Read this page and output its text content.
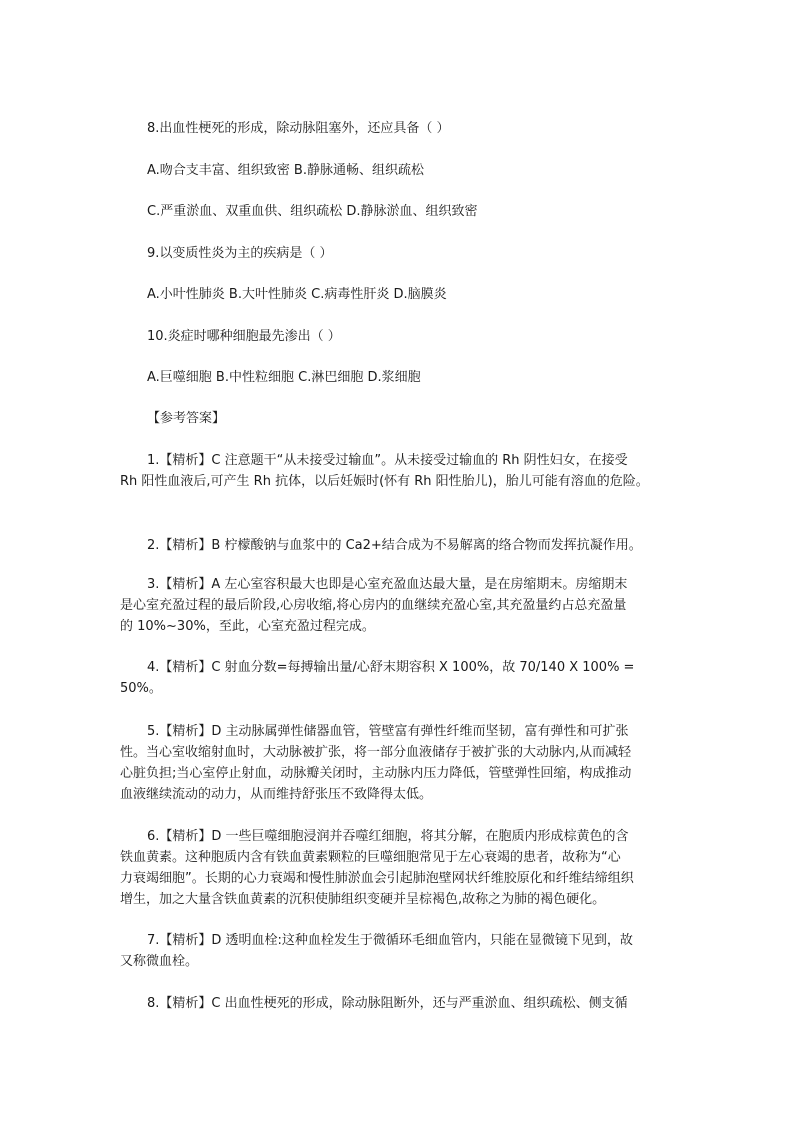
8.出血性梗死的形成，除动脉阻塞外，还应具备（ ）
A.吻合支丰富、组织致密 B.静脉通畅、组织疏松
C.严重淤血、双重血供、组织疏松 D.静脉淤血、组织致密
9.以变质性炎为主的疾病是（ ）
A.小叶性肺炎 B.大叶性肺炎 C.病毒性肝炎 D.脑膜炎
10.炎症时哪种细胞最先渗出（ ）
A.巨噬细胞 B.中性粒细胞 C.淋巴细胞 D.浆细胞
【参考答案】
1.【精析】C 注意题干“从未接受过输血”。从未接受过输血的 Rh 阴性妇女，在接受
Rh 阳性血液后,可产生 Rh 抗体，以后妊娠时(怀有 Rh 阳性胎儿)，胎儿可能有溶血的危险。
2.【精析】B 柠檬酸钠与血浆中的 Ca2+结合成为不易解离的络合物而发挥抗凝作用。
3.【精析】A 左心室容积最大也即是心室充盈血达最大量，是在房缩期末。房缩期末
是心室充盈过程的最后阶段,心房收缩,将心房内的血继续充盈心室,其充盈量约占总充盈量
的 10%~30%，至此，心室充盈过程完成。
4.【精析】C 射血分数=每搏输出量/心舒末期容积 X 100%，故 70/140 X 100% =
50%。
5.【精析】D 主动脉属弹性储器血管，管壁富有弹性纤维而坚韧，富有弹性和可扩张
性。当心室收缩射血时，大动脉被扩张，将一部分血液储存于被扩张的大动脉内,从而减轻
心脏负担;当心室停止射血，动脉瓣关闭时，主动脉内压力降低，管壁弹性回缩，构成推动
血液继续流动的动力，从而维持舒张压不致降得太低。
6.【精析】D 一些巨噬细胞浸润并吞噬红细胞，将其分解，在胞质内形成棕黄色的含
铁血黄素。这种胞质内含有铁血黄素颗粒的巨噬细胞常见于左心衰竭的患者，故称为“心
力衰竭细胞”。长期的心力衰竭和慢性肺淤血会引起肺泡壁网状纤维胶原化和纤维结缔组织
增生，加之大量含铁血黄素的沉积使肺组织变硬并呈棕褐色,故称之为肺的褐色硬化。
7.【精析】D 透明血栓:这种血栓发生于微循环毛细血管内，只能在显微镜下见到，故
又称微血栓。
8.【精析】C 出血性梗死的形成，除动脉阻断外，还与严重淤血、组织疏松、侧支循
